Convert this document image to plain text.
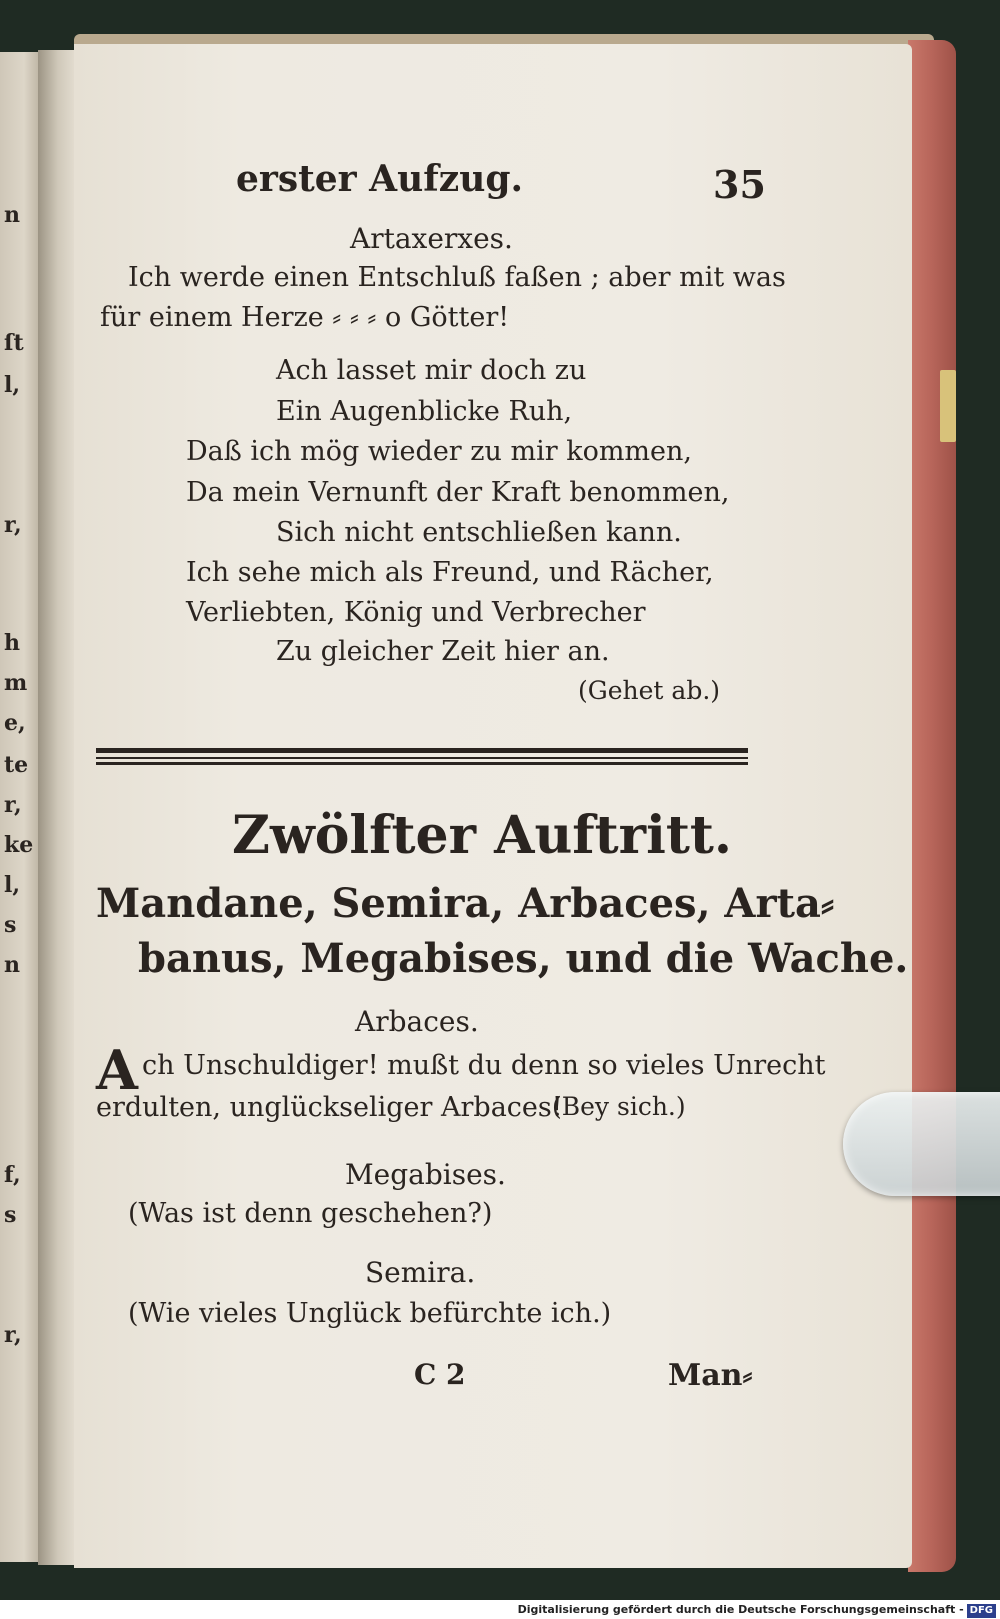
n
ſt
l,
r,
h
m
e,
te
r,
ke
l,
s
n
f,
s
r,
erster Aufzug.	35
Artaxerxes.
Ich werde einen Entschluß faßen ; aber mit was
für einem Herze ⸗ ⸗ ⸗ o Götter!
Ach lasset mir doch zu
Ein Augenblicke Ruh,
Daß ich mög wieder zu mir kommen,
Da mein Vernunft der Kraft benommen,
Sich nicht entschließen kann.
Ich sehe mich als Freund, und Rächer,
Verliebten, König und Verbrecher
Zu gleicher Zeit hier an.
(Gehet ab.)
Zwölfter Auftritt.
Mandane, Semira, Arbaces, Arta⸗
banus, Megabises, und die Wache.
Arbaces.
A ch Unschuldiger! mußt du denn so vieles Unrecht
erdulten, unglückseliger Arbaces!
(Bey sich.)
Megabises.
(Was ist denn geschehen?)
Semira.
(Wie vieles Unglück befürchte ich.)
C 2	Man⸗
Digitalisierung gefördert durch die Deutsche Forschungsgemeinschaft - DFG
